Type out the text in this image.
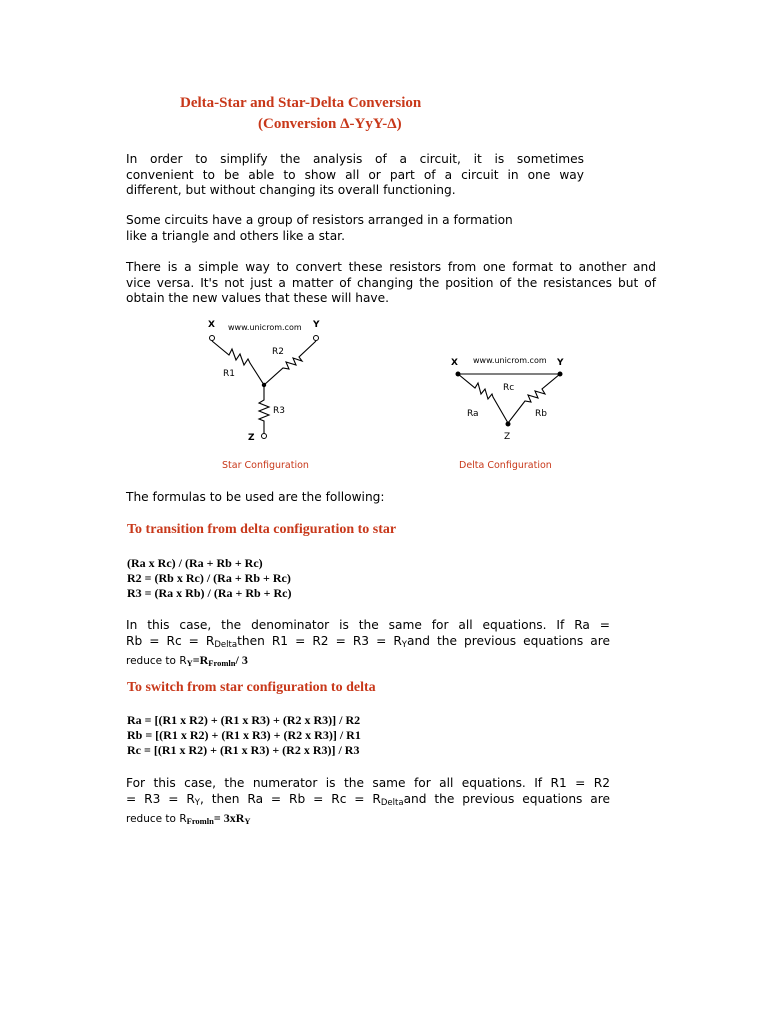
Delta-Star and Star-Delta Conversion
(Conversion Δ-YyY-Δ)

In order to simplify the analysis of a circuit, it is sometimes
convenient to be able to show all or part of a circuit in one way
different, but without changing its overall functioning.

Some circuits have a group of resistors arranged in a formation
like a triangle and others like a star.

There is a simple way to convert these resistors from one format to another and
vice versa. It's not just a matter of changing the position of the resistances but of
obtain the new values that these will have.

X	Y
www.unicrom.com
R1
R2
R3
Z
Star Configuration
X www.unicrom.com Y
Rc
Ra	Rb
Z
Delta Configuration

The formulas to be used are the following:

To transition from delta configuration to star
(Ra x Rc) / (Ra + Rb + Rc)
R2 = (Rb x Rc) / (Ra + Rb + Rc)
R3 = (Ra x Rb) / (Ra + Rb + Rc)

In this case, the denominator is the same for all equations. If Ra =
$Rb = Rc = R_{Delta}then$ $R1 = R2 = R3 = R_Yand$ the previous equations are
reduce to $R_Y=R_{Fromln}/$ 3

To switch from star configuration to delta
Ra = [(R1 x R2) + (R1 x R3) + (R2 x R3)] / R2
Rb = [(R1 x R2) + (R1 x R3) + (R2 x R3)] / R1
Rc = [(R1 x R2) + (R1 x R3) + (R2 x R3)] / R3

For this case, the numerator is the same for all equations. If R1 = R2
= $R3 = R_Y$, then $Ra = Rb = Rc = R_{Delta}and$ the previous equations are
reduce to $R_{Fromln}= 3xR_Y$
